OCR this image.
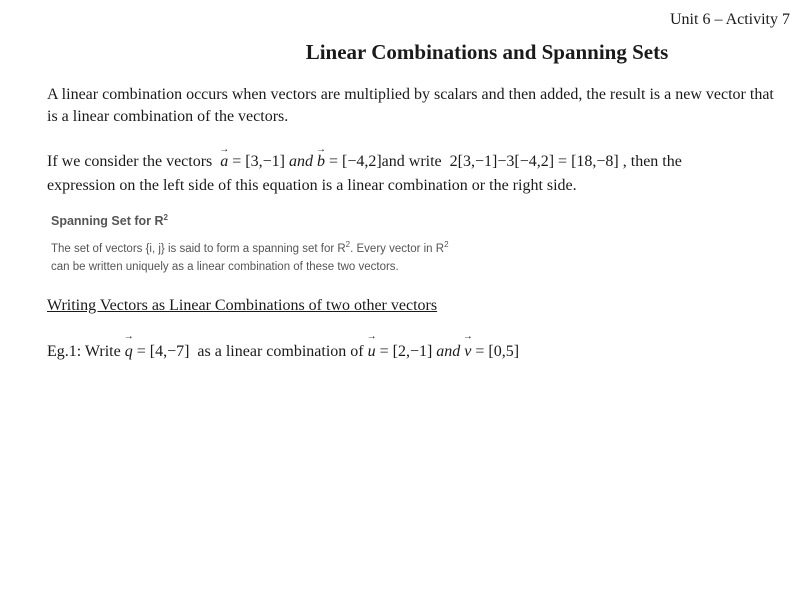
Unit 6 – Activity 7
Linear Combinations and Spanning Sets
A linear combination occurs when vectors are multiplied by scalars and then added, the result is a new vector that is a linear combination of the vectors.
If we consider the vectors → a = [3,−1] and → b = [−4,2]and write 2[3,−1]−3[−4,2] = [18,−8] , then the
expression on the left side of this equation is a linear combination or the right side.
Spanning Set for $R^2$
The set of vectors {i, j} is said to form a spanning set for $R^2$. Every vector in $R^2$
can be written uniquely as a linear combination of these two vectors.
Writing Vectors as Linear Combinations of two other vectors
Eg.1: Write → q = [4,−7] as a linear combination of → u = [2,−1] and → v = [0,5]
